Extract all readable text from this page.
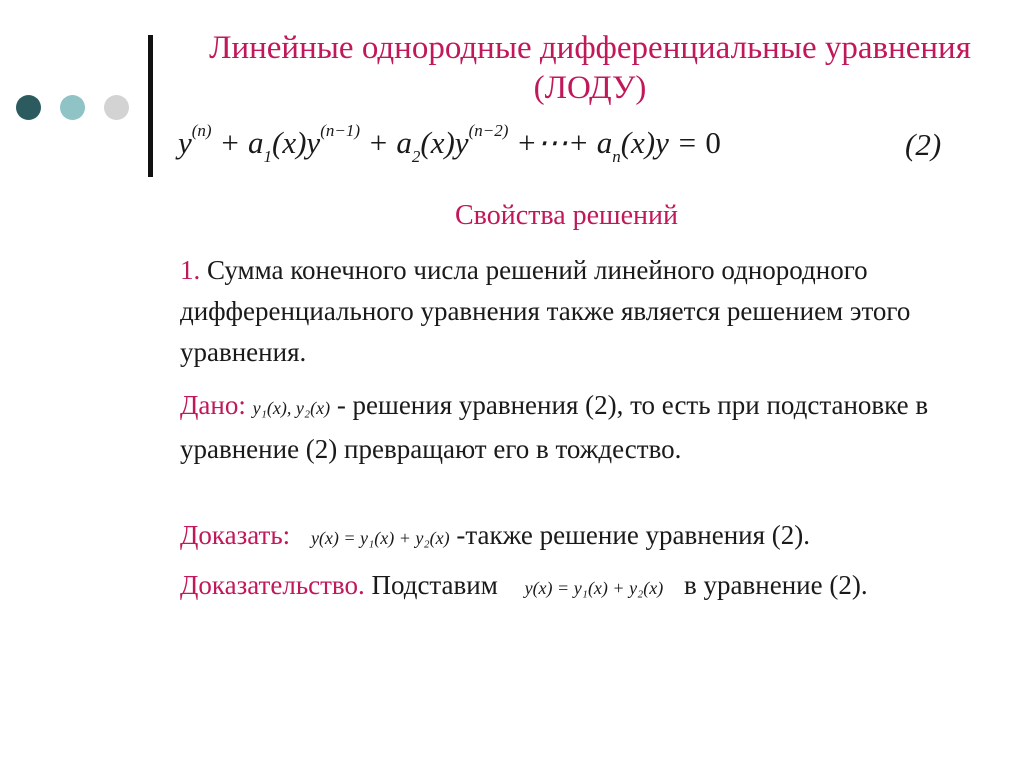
Линейные однородные дифференциальные уравнения (ЛОДУ)
$y^{(n)} + a_1(x)y^{(n-1)} + a_2(x)y^{(n-2)}$ +⋯+ $a_n(x)y = 0$	(2)
Свойства решений
1. Сумма конечного числа решений линейного однородного дифференциального уравнения также является решением этого уравнения.
Дано: y₁(x), y₂(x) - решения уравнения (2), то есть при подстановке в уравнение (2) превращают его в тождество.
Доказать: y(x) = y₁(x) + y₂(x) -также решение уравнения (2).
Доказательство. Подставим y(x) = y₁(x) + y₂(x) в уравнение (2).
